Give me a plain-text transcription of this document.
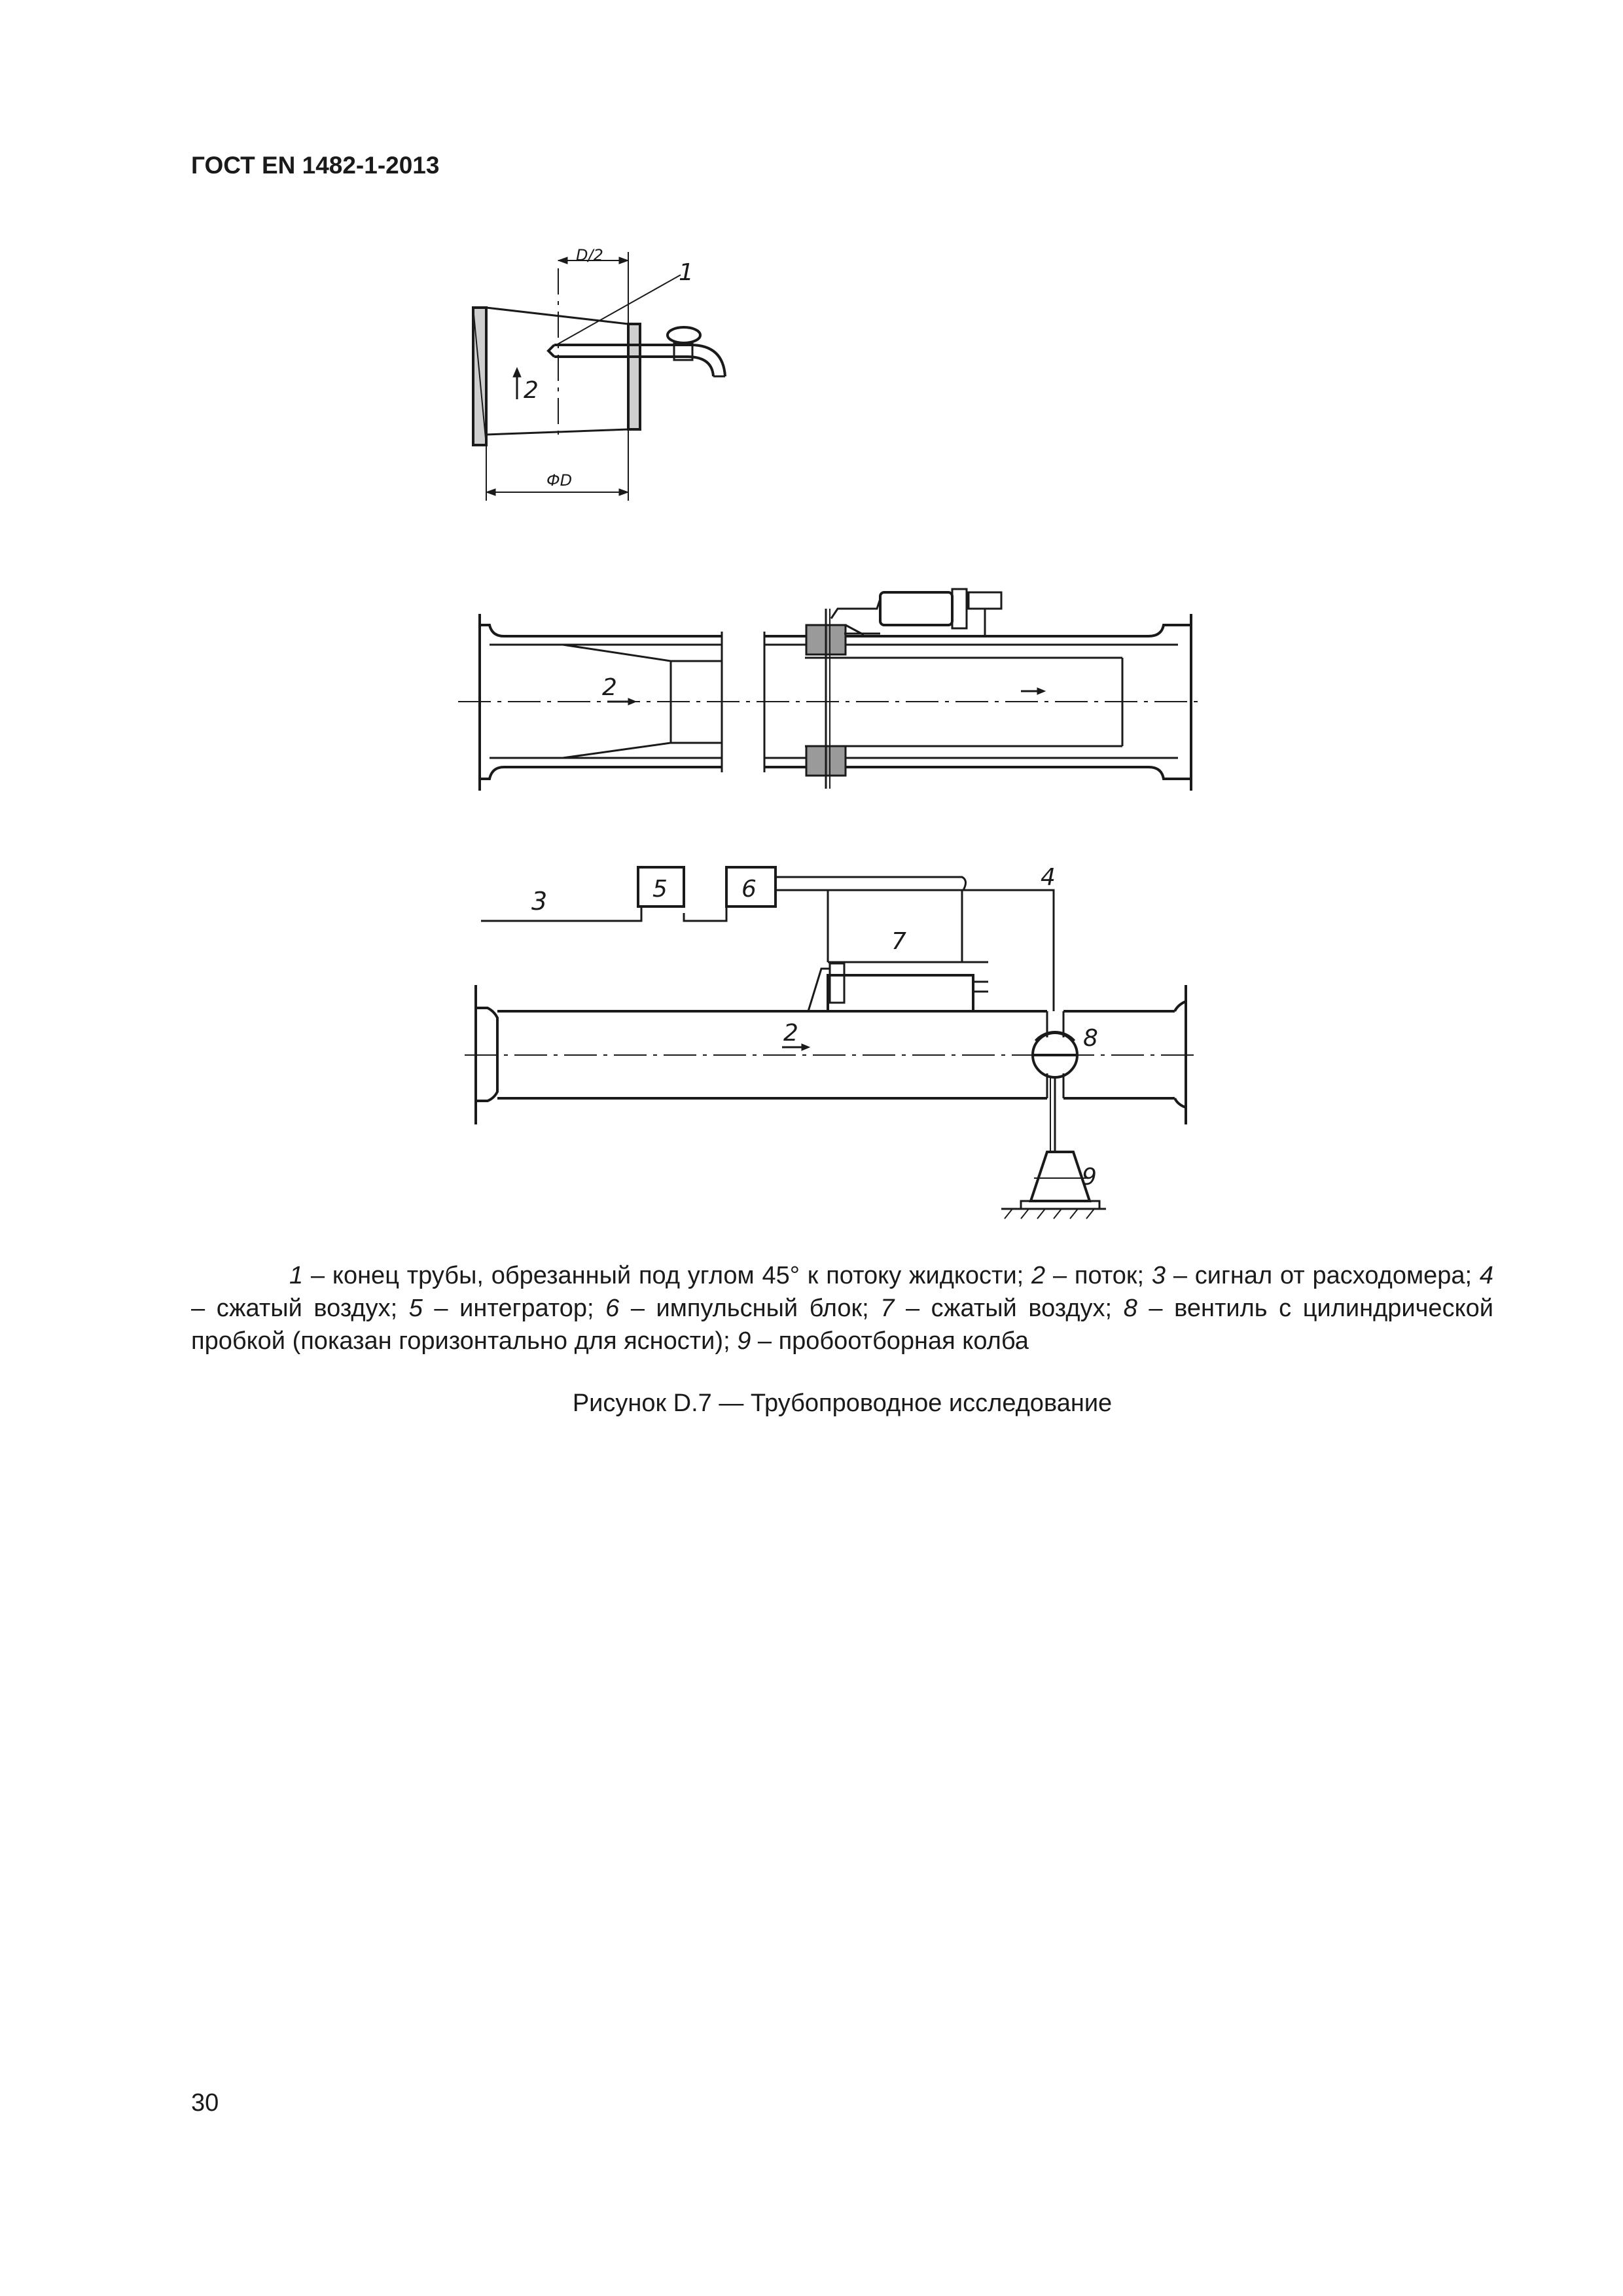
ГОСТ EN 1482-1-2013
D/2
ФD
1
2
2
2
3
4
5	6
7
8
9
1 – конец трубы, обрезанный под углом 45° к потоку жидкости; 2 – поток; 3 – сигнал от расходомера; 4 – сжатый воздух; 5 – интегратор; 6 – импульсный блок; 7 – сжатый воздух; 8 – вентиль с цилиндрической пробкой (показан горизонтально для ясности); 9 – пробоотборная колба
Рисунок D.7 — Трубопроводное исследование
30
